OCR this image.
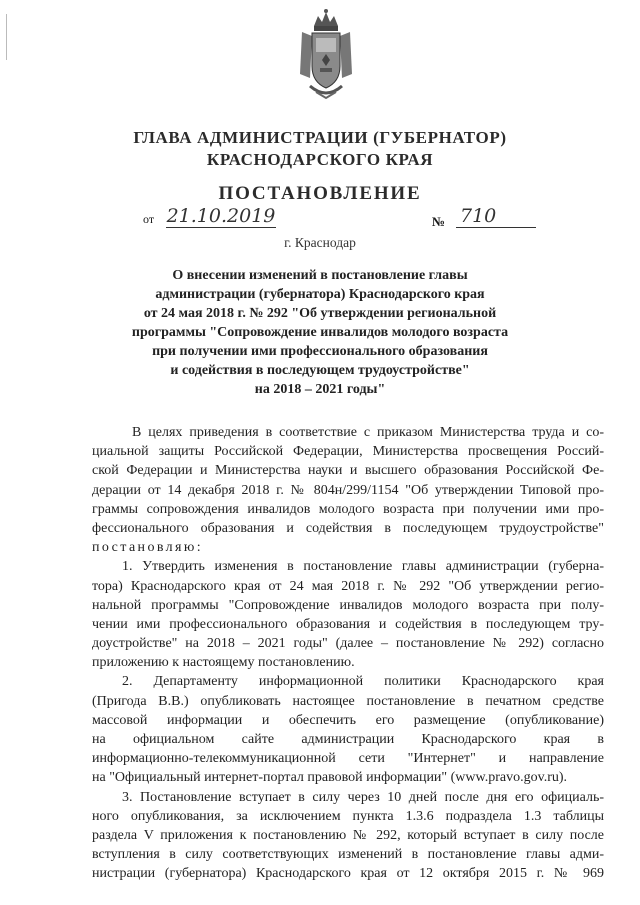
ГЛАВА АДМИНИСТРАЦИИ (ГУБЕРНАТОР)
КРАСНОДАРСКОГО КРАЯ
ПОСТАНОВЛЕНИЕ
от 21.10.2019	№ 710
г. Краснодар
О внесении изменений в постановление главы
администрации (губернатора) Краснодарского края
от 24 мая 2018 г. № 292 "Об утверждении региональной
программы "Сопровождение инвалидов молодого возраста
при получении ими профессионального образования
и содействия в последующем трудоустройстве"
на 2018 – 2021 годы"
В целях приведения в соответствие с приказом Министерства труда и со-
циальной защиты Российской Федерации, Министерства просвещения Россий-
ской Федерации и Министерства науки и высшего образования Российской Фе-
дерации от 14 декабря 2018 г. № 804н/299/1154 "Об утверждении Типовой про-
граммы сопровождения инвалидов молодого возраста при получении ими про-
фессионального образования и содействия в последующем трудоустройстве"
постановляю:
1. Утвердить изменения в постановление главы администрации (губерна-
тора) Краснодарского края от 24 мая 2018 г. № 292 "Об утверждении регио-
нальной программы "Сопровождение инвалидов молодого возраста при полу-
чении ими профессионального образования и содействия в последующем тру-
доустройстве" на 2018 – 2021 годы" (далее – постановление № 292) согласно
приложению к настоящему постановлению.
2. Департаменту информационной политики Краснодарского края
(Пригода В.В.) опубликовать настоящее постановление в печатном средстве
массовой информации и обеспечить его размещение (опубликование)
на официальном сайте администрации Краснодарского края в
информационно-телекоммуникационной сети "Интернет" и направление
на "Официальный интернет-портал правовой информации" (www.pravo.gov.ru).
3. Постановление вступает в силу через 10 дней после дня его официаль-
ного опубликования, за исключением пункта 1.3.6 подраздела 1.3 таблицы
раздела V приложения к постановлению № 292, который вступает в силу после
вступления в силу соответствующих изменений в постановление главы адми-
нистрации (губернатора) Краснодарского края от 12 октября 2015 г. № 969
